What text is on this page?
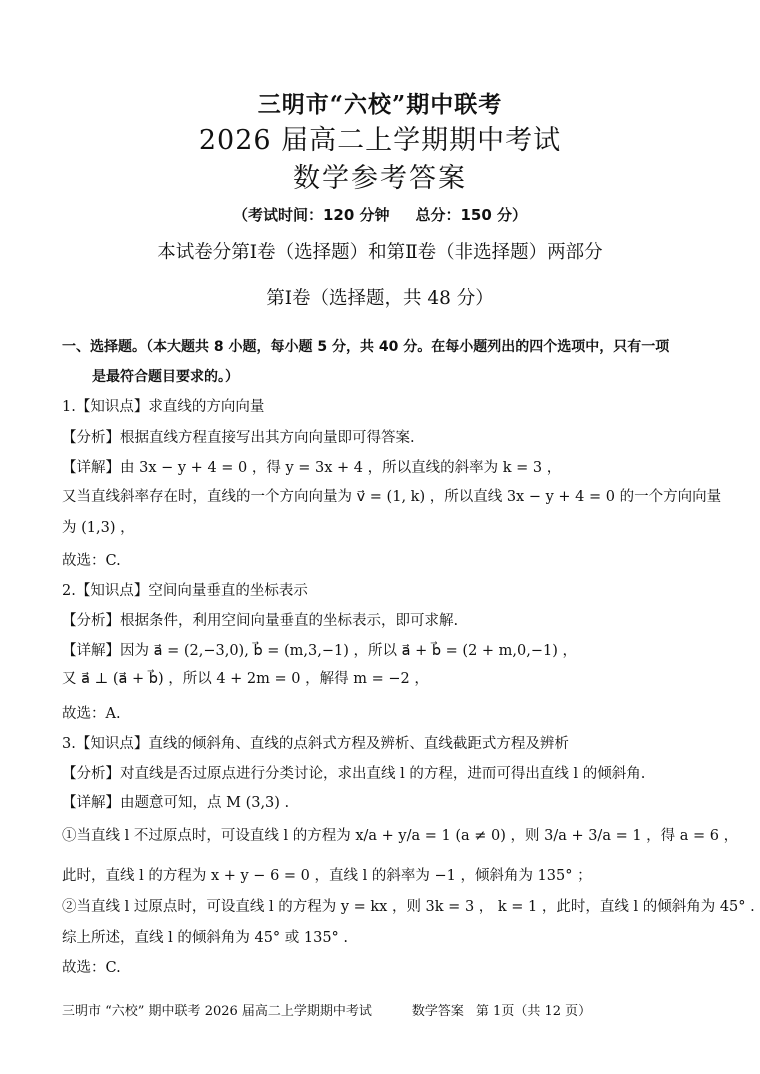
三明市“六校”期中联考
2026 届高二上学期期中考试
数学参考答案
（考试时间：120 分钟 总分：150 分）
本试卷分第Ⅰ卷（选择题）和第Ⅱ卷（非选择题）两部分
第Ⅰ卷（选择题，共 48 分）
一、选择题。（本大题共 8 小题，每小题 5 分，共 40 分。在每小题列出的四个选项中，只有一项
是最符合题目要求的。）
1.【知识点】求直线的方向向量
【分析】根据直线方程直接写出其方向向量即可得答案.
【详解】由 3x − y + 4 = 0 ，得 y = 3x + 4 ，所以直线的斜率为 k = 3 ，
又当直线斜率存在时，直线的一个方向向量为 v⃗ = (1, k) ，所以直线 3x − y + 4 = 0 的一个方向向量
为 (1,3) ，
故选：C.
2.【知识点】空间向量垂直的坐标表示
【分析】根据条件，利用空间向量垂直的坐标表示，即可求解.
【详解】因为 a⃗ = (2,−3,0), b⃗ = (m,3,−1) ，所以 a⃗ + b⃗ = (2 + m,0,−1) ，
又 a⃗ ⊥ (a⃗ + b⃗) ，所以 4 + 2m = 0 ，解得 m = −2 ，
故选：A.
3.【知识点】直线的倾斜角、直线的点斜式方程及辨析、直线截距式方程及辨析
【分析】对直线是否过原点进行分类讨论，求出直线 l 的方程，进而可得出直线 l 的倾斜角.
【详解】由题意可知，点 M (3,3) .
①当直线 l 不过原点时，可设直线 l 的方程为 x/a + y/a = 1 (a ≠ 0) ，则 3/a + 3/a = 1 ，得 a = 6 ，
此时，直线 l 的方程为 x + y − 6 = 0 ，直线 l 的斜率为 −1 ，倾斜角为 135° ；
②当直线 l 过原点时，可设直线 l 的方程为 y = kx ，则 3k = 3 ， k = 1 ，此时，直线 l 的倾斜角为 45° .
综上所述，直线 l 的倾斜角为 45° 或 135° .
故选：C.
三明市 “六校” 期中联考 2026 届高二上学期期中考试	数学答案 第 1页（共 12 页）
